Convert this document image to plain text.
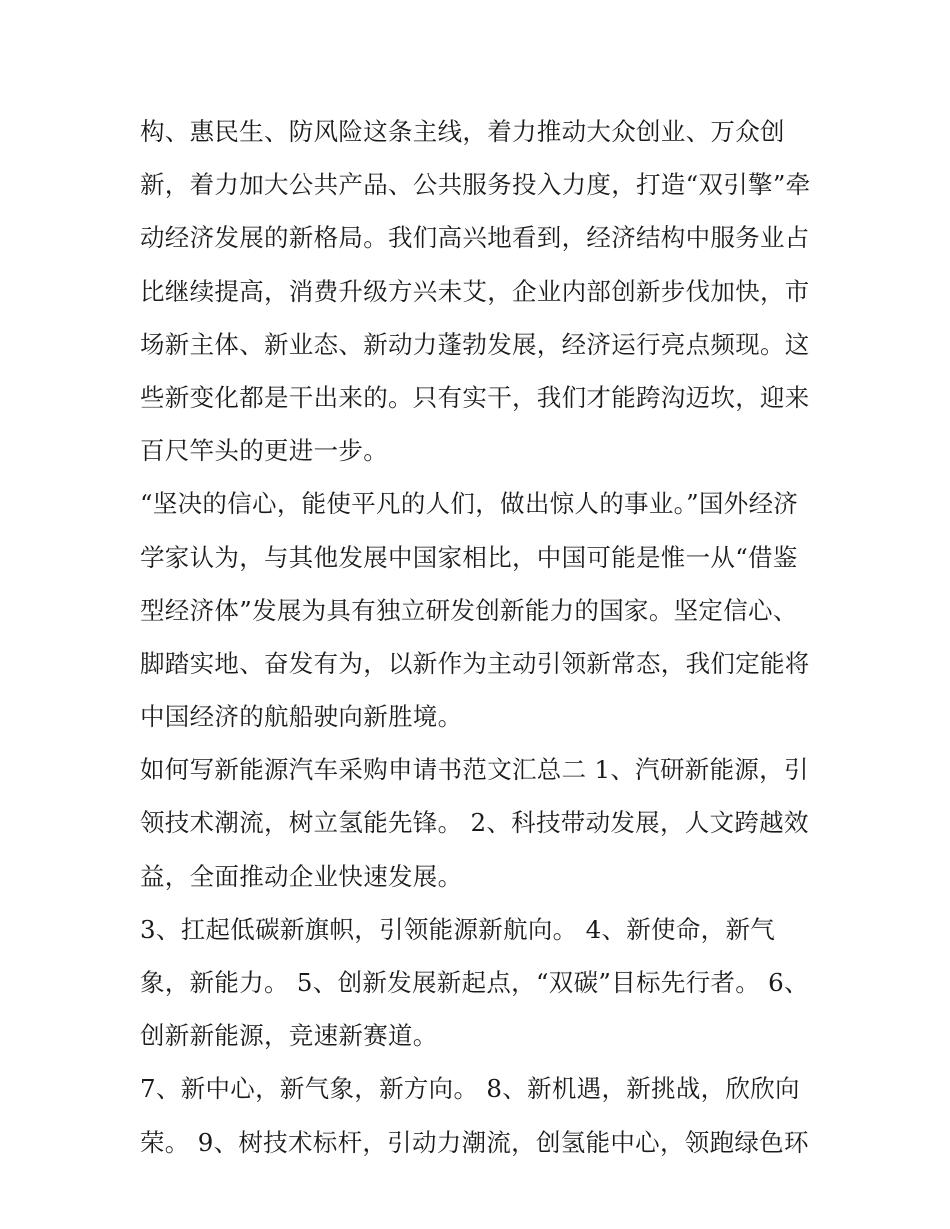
构、惠民生、防风险这条主线，着力推动大众创业、万众创
新，着力加大公共产品、公共服务投入力度，打造“双引擎”牵
动经济发展的新格局。我们高兴地看到，经济结构中服务业占
比继续提高，消费升级方兴未艾，企业内部创新步伐加快，市
场新主体、新业态、新动力蓬勃发展，经济运行亮点频现。这
些新变化都是干出来的。只有实干，我们才能跨沟迈坎，迎来
百尺竿头的更进一步。
“坚决的信心，能使平凡的人们，做出惊人的事业。”国外经济
学家认为，与其他发展中国家相比，中国可能是惟一从“借鉴
型经济体”发展为具有独立研发创新能力的国家。坚定信心、
脚踏实地、奋发有为，以新作为主动引领新常态，我们定能将
中国经济的航船驶向新胜境。
如何写新能源汽车采购申请书范文汇总二 1、汽研新能源，引
领技术潮流，树立氢能先锋。 2、科技带动发展，人文跨越效
益，全面推动企业快速发展。
3、扛起低碳新旗帜，引领能源新航向。 4、新使命，新气
象，新能力。 5、创新发展新起点，“双碳”目标先行者。 6、
创新新能源，竞速新赛道。
7、新中心，新气象，新方向。 8、新机遇，新挑战，欣欣向
荣。 9、树技术标杆，引动力潮流，创氢能中心，领跑绿色环
